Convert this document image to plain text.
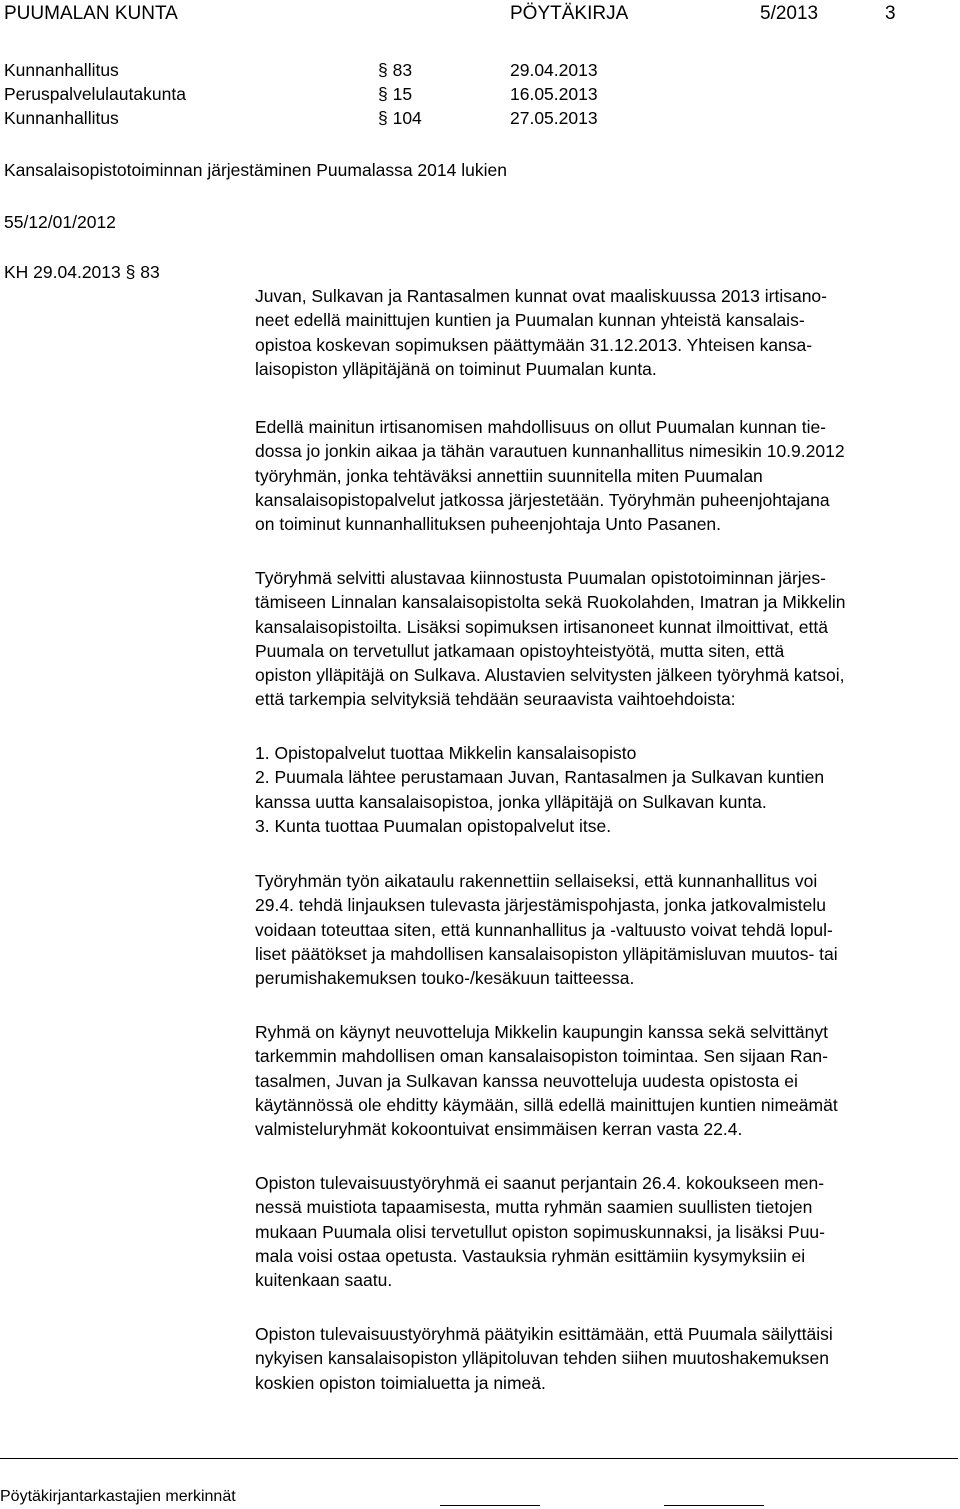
PUUMALAN KUNTA	PÖYTÄKIRJA	5/2013	3
Kunnanhallitus	§ 83	29.04.2013
Peruspalvelulautakunta	§ 15	16.05.2013
Kunnanhallitus	§ 104	27.05.2013
Kansalaisopistotoiminnan järjestäminen Puumalassa 2014 lukien
55/12/01/2012
KH 29.04.2013 § 83
Juvan, Sulkavan ja Rantasalmen kunnat ovat maaliskuussa 2013 irtisano-
neet edellä mainittujen kuntien ja Puumalan kunnan yhteistä kansalais-
opistoa koskevan sopimuksen päättymään 31.12.2013. Yhteisen kansa-
laisopiston ylläpitäjänä on toiminut Puumalan kunta.
Edellä mainitun irtisanomisen mahdollisuus on ollut Puumalan kunnan tie-
dossa jo jonkin aikaa ja tähän varautuen kunnanhallitus nimesikin 10.9.2012
työryhmän, jonka tehtäväksi annettiin suunnitella miten Puumalan
kansalaisopistopalvelut jatkossa järjestetään. Työryhmän puheenjohtajana
on toiminut kunnanhallituksen puheenjohtaja Unto Pasanen.
Työryhmä selvitti alustavaa kiinnostusta Puumalan opistotoiminnan järjes-
tämiseen Linnalan kansalaisopistolta sekä Ruokolahden, Imatran ja Mikkelin
kansalaisopistoilta. Lisäksi sopimuksen irtisanoneet kunnat ilmoittivat, että
Puumala on tervetullut jatkamaan opistoyhteistyötä, mutta siten, että
opiston ylläpitäjä on Sulkava. Alustavien selvitysten jälkeen työryhmä katsoi,
että tarkempia selvityksiä tehdään seuraavista vaihtoehdoista:
1. Opistopalvelut tuottaa Mikkelin kansalaisopisto
2. Puumala lähtee perustamaan Juvan, Rantasalmen ja Sulkavan kuntien
kanssa uutta kansalaisopistoa, jonka ylläpitäjä on Sulkavan kunta.
3. Kunta tuottaa Puumalan opistopalvelut itse.
Työryhmän työn aikataulu rakennettiin sellaiseksi, että kunnanhallitus voi
29.4. tehdä linjauksen tulevasta järjestämispohjasta, jonka jatkovalmistelu
voidaan toteuttaa siten, että kunnanhallitus ja -valtuusto voivat tehdä lopul-
liset päätökset ja mahdollisen kansalaisopiston ylläpitämisluvan muutos- tai
perumishakemuksen touko-/kesäkuun taitteessa.
Ryhmä on käynyt neuvotteluja Mikkelin kaupungin kanssa sekä selvittänyt
tarkemmin mahdollisen oman kansalaisopiston toimintaa. Sen sijaan Ran-
tasalmen, Juvan ja Sulkavan kanssa neuvotteluja uudesta opistosta ei
käytännössä ole ehditty käymään, sillä edellä mainittujen kuntien nimeämät
valmisteluryhmät kokoontuivat ensimmäisen kerran vasta 22.4.
Opiston tulevaisuustyöryhmä ei saanut perjantain 26.4. kokoukseen men-
nessä muistiota tapaamisesta, mutta ryhmän saamien suullisten tietojen
mukaan Puumala olisi tervetullut opiston sopimuskunnaksi, ja lisäksi Puu-
mala voisi ostaa opetusta. Vastauksia ryhmän esittämiin kysymyksiin ei
kuitenkaan saatu.
Opiston tulevaisuustyöryhmä päätyikin esittämään, että Puumala säilyttäisi
nykyisen kansalaisopiston ylläpitoluvan tehden siihen muutoshakemuksen
koskien opiston toimialuetta ja nimeä.
Pöytäkirjantarkastajien merkinnät
